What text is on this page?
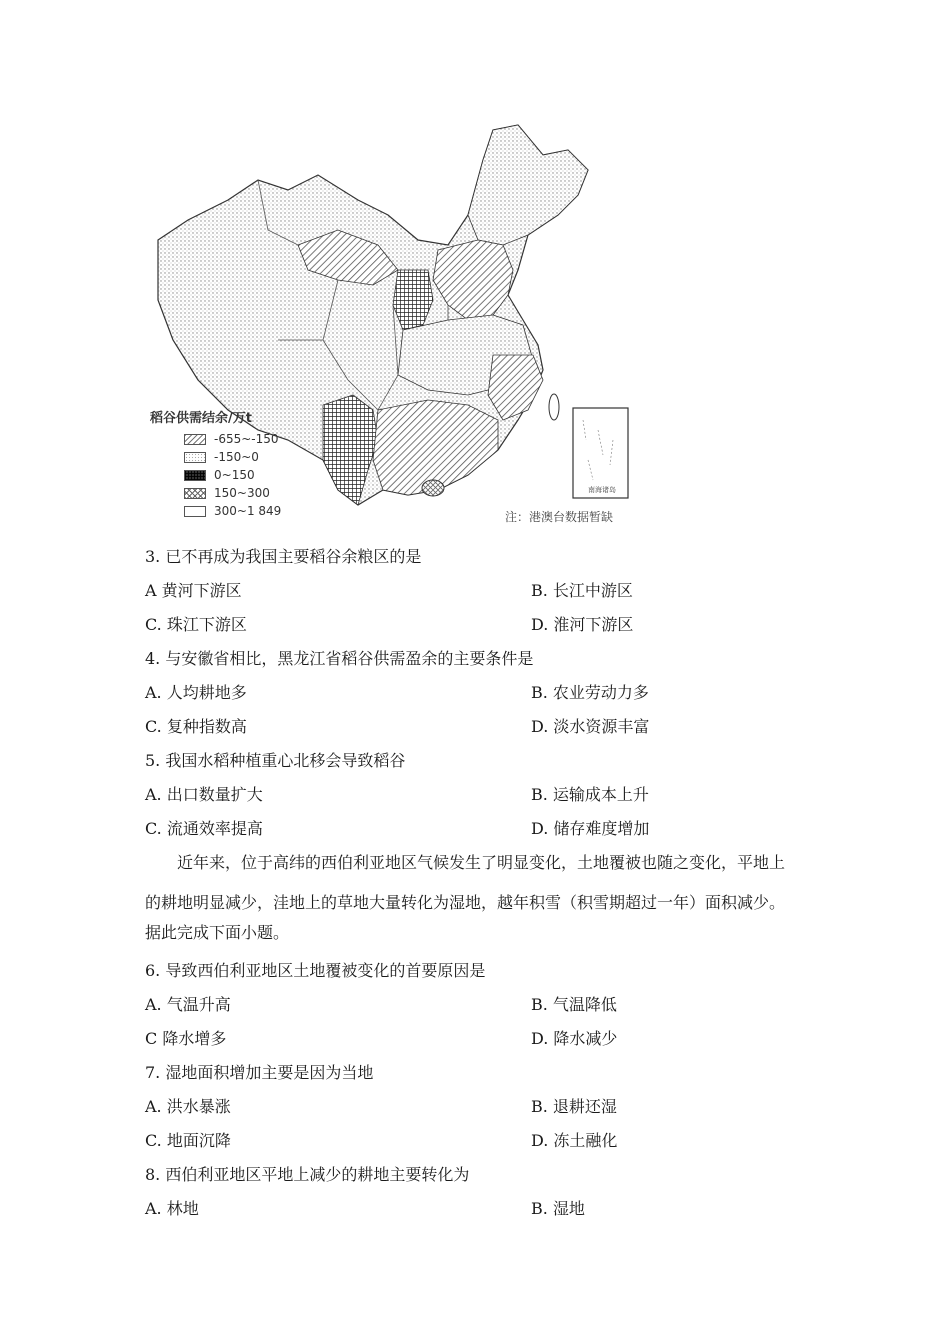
南海诸岛
稻谷供需结余/万t
-655~-150
-150~0
0~150
150~300
300~1 849	注：港澳台数据暂缺
3. 已不再成为我国主要稻谷余粮区的是
A 黄河下游区	B. 长江中游区
C. 珠江下游区	D. 淮河下游区
4. 与安徽省相比，黑龙江省稻谷供需盈余的主要条件是
A. 人均耕地多	B. 农业劳动力多
C. 复种指数高	D. 淡水资源丰富
5. 我国水稻种植重心北移会导致稻谷
A. 出口数量扩大	B. 运输成本上升
C. 流通效率提高	D. 储存难度增加
近年来，位于高纬的西伯利亚地区气候发生了明显变化，土地覆被也随之变化，平地上
的耕地明显减少，洼地上的草地大量转化为湿地，越年积雪（积雪期超过一年）面积减少。
据此完成下面小题。
6. 导致西伯利亚地区土地覆被变化的首要原因是
A. 气温升高	B. 气温降低
C 降水增多	D. 降水减少
7. 湿地面积增加主要是因为当地
A. 洪水暴涨	B. 退耕还湿
C. 地面沉降	D. 冻土融化
8. 西伯利亚地区平地上减少的耕地主要转化为
A. 林地	B. 湿地
